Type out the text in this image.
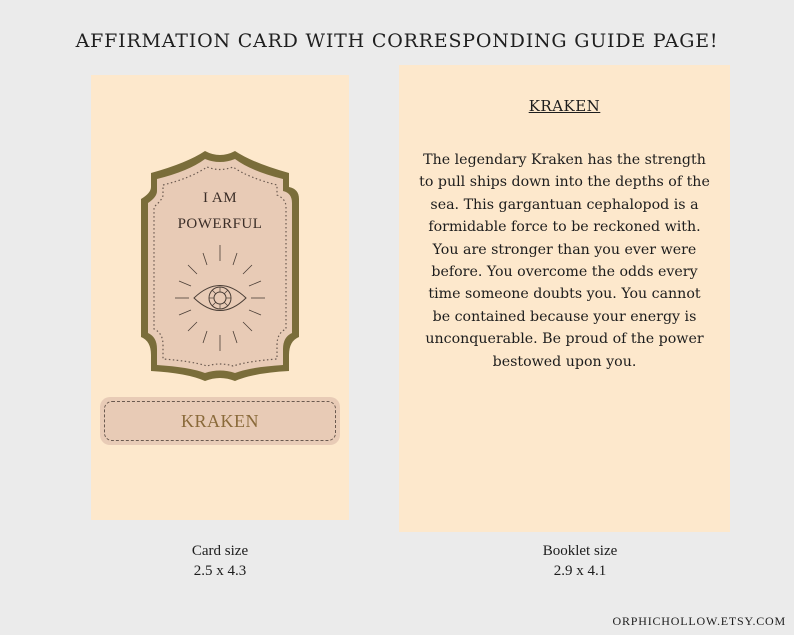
AFFIRMATION CARD WITH CORRESPONDING GUIDE PAGE!
I AM
POWERFUL
KRAKEN
KRAKEN
The legendary Kraken has the strength to pull ships down into the depths of the sea. This gargantuan cephalopod is a formidable force to be reckoned with. You are stronger than you ever were before. You overcome the odds every time someone doubts you. You cannot be contained because your energy is unconquerable. Be proud of the power bestowed upon you.
Card size
2.5 x 4.3
Booklet size
2.9 x 4.1
ORPHICHOLLOW.ETSY.COM
